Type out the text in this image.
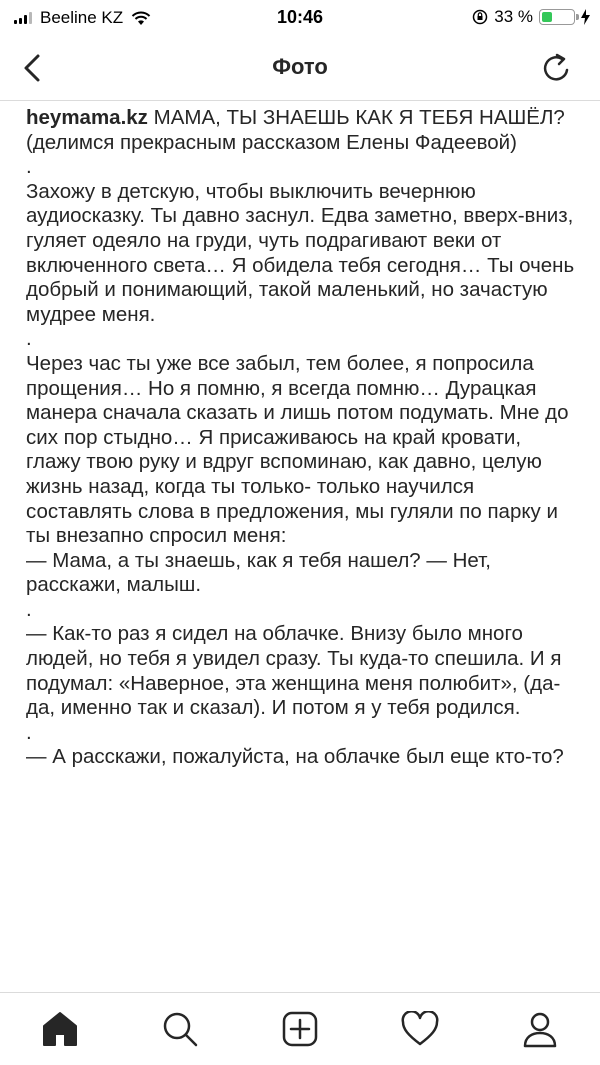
Beeline KZ	10:46	33 %
Фото

heymama.kz МАМА, ТЫ ЗНАЕШЬ КАК Я ТЕБЯ НАШЁЛ?

(делимся прекрасным рассказом Елены Фадеевой)

.

Захожу в детскую, чтобы выключить вечернюю аудиосказку. Ты давно заснул. Едва заметно, вверх-вниз, гуляет одеяло на груди, чуть подрагивают веки от включенного света… Я обидела тебя сегодня… Ты очень добрый и понимающий, такой маленький, но зачастую мудрее меня.

.

Через час ты уже все забыл, тем более, я попросила прощения… Но я помню, я всегда помню… Дурацкая манера сначала сказать и лишь потом подумать. Мне до сих пор стыдно… Я присаживаюсь на край кровати, глажу твою руку и вдруг вспоминаю, как давно, целую жизнь назад, когда ты только- только научился составлять слова в предложения, мы гуляли по парку и ты внезапно спросил меня:

— Мама, а ты знаешь, как я тебя нашел? — Нет, расскажи, малыш.

.

— Как-то раз я сидел на облачке. Внизу было много людей, но тебя я увидел сразу. Ты куда-то спешила. И я подумал: «Наверное, эта женщина меня полюбит», (да-да, именно так и сказал). И потом я у тебя родился.

.

— А расскажи, пожалуйста, на облачке был еще кто-то?
